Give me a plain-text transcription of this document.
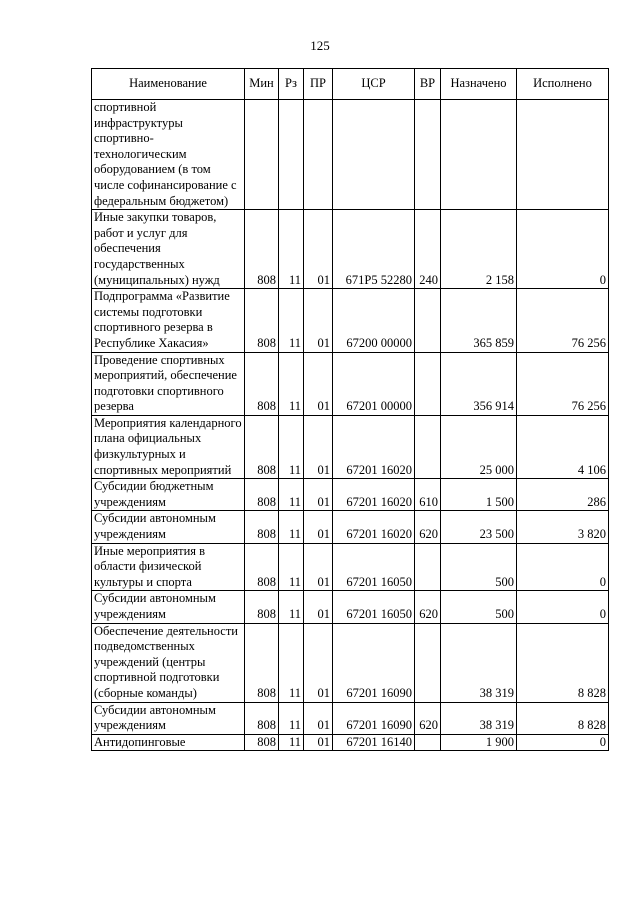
125
Наименование	Мин	Рз	ПР	ЦСР	ВР	Назначено	Исполнено
спортивной инфраструктуры спортивно-технологическим оборудованием (в том числе софинансирование с федеральным бюджетом)							
Иные закупки товаров, работ и услуг для обеспечения государственных (муниципальных) нужд	808	11	01	671P5 52280	240	2 158	0
Подпрограмма «Развитие системы подготовки спортивного резерва в Республике Хакасия»	808	11	01	67200 00000		365 859	76 256
Проведение спортивных мероприятий, обеспечение подготовки спортивного резерва	808	11	01	67201 00000		356 914	76 256
Мероприятия календарного плана официальных физкультурных и спортивных мероприятий	808	11	01	67201 16020		25 000	4 106
Субсидии бюджетным учреждениям	808	11	01	67201 16020	610	1 500	286
Субсидии автономным учреждениям	808	11	01	67201 16020	620	23 500	3 820
Иные мероприятия в области физической культуры и спорта	808	11	01	67201 16050		500	0
Субсидии автономным учреждениям	808	11	01	67201 16050	620	500	0
Обеспечение деятельности подведомственных учреждений (центры спортивной подготовки (сборные команды)	808	11	01	67201 16090		38 319	8 828
Субсидии автономным учреждениям	808	11	01	67201 16090	620	38 319	8 828
Антидопинговые	808	11	01	67201 16140		1 900	0
